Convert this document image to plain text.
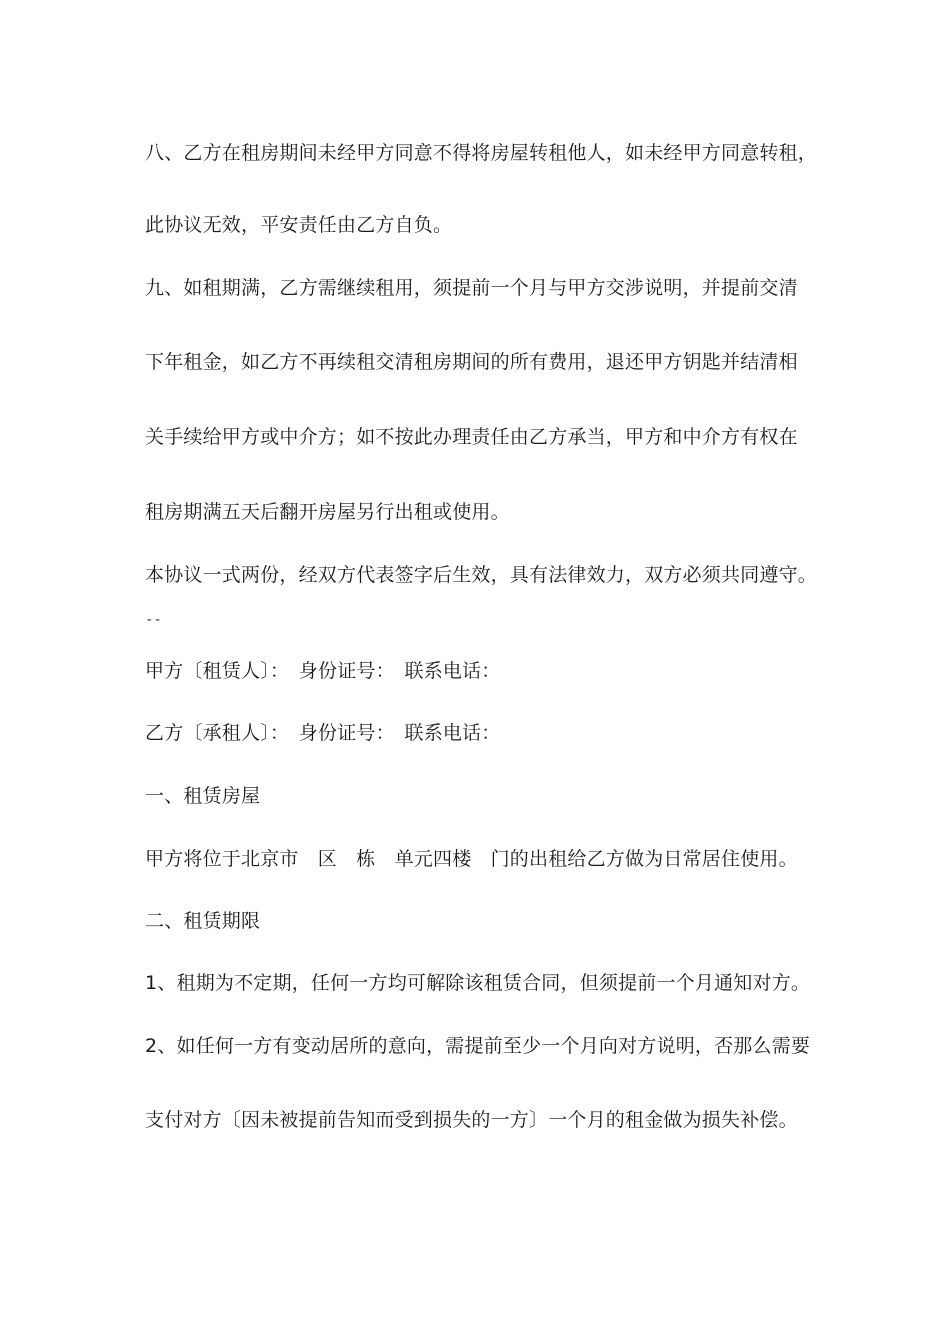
八、乙方在租房期间未经甲方同意不得将房屋转租他人，如未经甲方同意转租，
此协议无效，平安责任由乙方自负。
九、如租期满，乙方需继续租用，须提前一个月与甲方交涉说明，并提前交清
下年租金，如乙方不再续租交清租房期间的所有费用，退还甲方钥匙并结清相
关手续给甲方或中介方；如不按此办理责任由乙方承当，甲方和中介方有权在
租房期满五天后翻开房屋另行出租或使用。
本协议一式两份，经双方代表签字后生效，具有法律效力，双方必须共同遵守。
--
甲方〔租赁人〕：　身份证号：　联系电话：
乙方〔承租人〕：　身份证号：　联系电话：
一、租赁房屋
甲方将位于北京市　区　栋　单元四楼　门的出租给乙方做为日常居住使用。
二、租赁期限
1、租期为不定期，任何一方均可解除该租赁合同，但须提前一个月通知对方。
2、如任何一方有变动居所的意向，需提前至少一个月向对方说明，否那么需要
支付对方〔因未被提前告知而受到损失的一方〕一个月的租金做为损失补偿。
